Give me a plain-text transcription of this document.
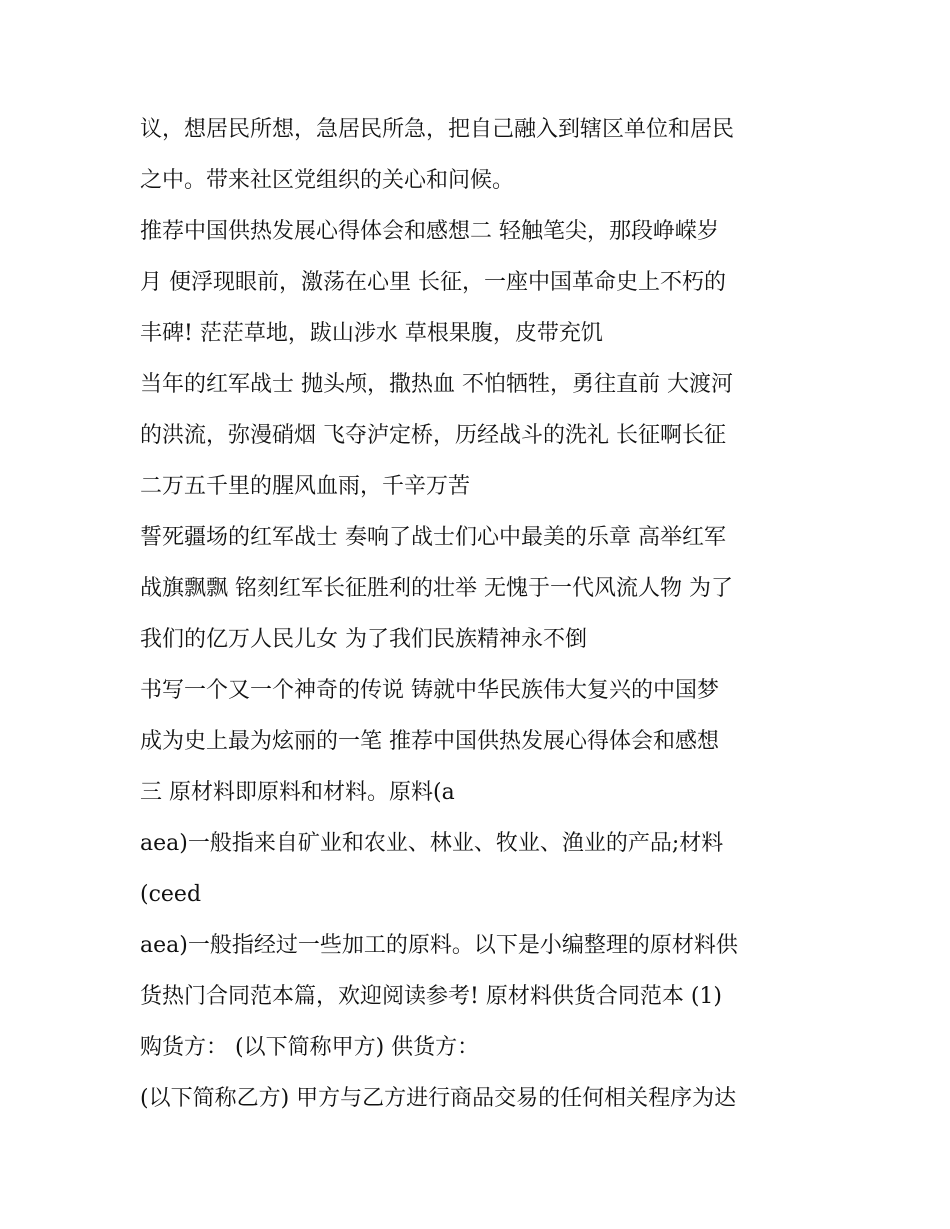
议，想居民所想，急居民所急，把自己融入到辖区单位和居民
之中。带来社区党组织的关心和问候。
推荐中国供热发展心得体会和感想二 轻触笔尖，那段峥嵘岁
月 便浮现眼前，激荡在心里 长征，一座中国革命史上不朽的
丰碑! 茫茫草地，跋山涉水 草根果腹，皮带充饥
当年的红军战士 抛头颅，撒热血 不怕牺牲，勇往直前 大渡河
的洪流，弥漫硝烟 飞夺泸定桥，历经战斗的洗礼 长征啊长征
二万五千里的腥风血雨，千辛万苦
誓死疆场的红军战士 奏响了战士们心中最美的乐章 高举红军
战旗飘飘 铭刻红军长征胜利的壮举 无愧于一代风流人物 为了
我们的亿万人民儿女 为了我们民族精神永不倒
书写一个又一个神奇的传说 铸就中华民族伟大复兴的中国梦
成为史上最为炫丽的一笔 推荐中国供热发展心得体会和感想
三 原材料即原料和材料。原料(a
aea)一般指来自矿业和农业、林业、牧业、渔业的产品;材料
(ceed
aea)一般指经过一些加工的原料。以下是小编整理的原材料供
货热门合同范本篇，欢迎阅读参考! 原材料供货合同范本 (1)
购货方： (以下简称甲方) 供货方：
(以下简称乙方) 甲方与乙方进行商品交易的任何相关程序为达
